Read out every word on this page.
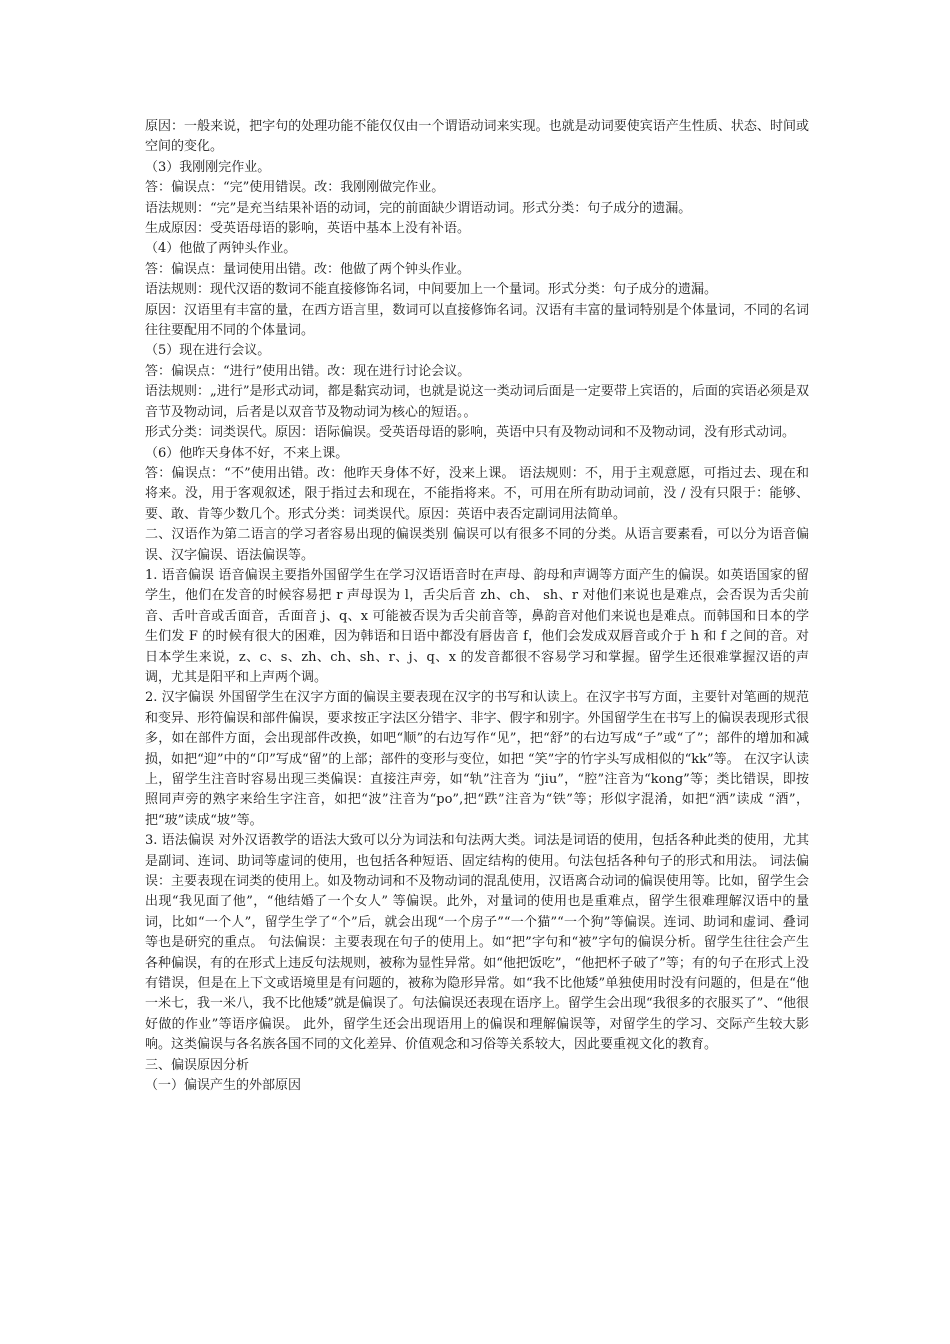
原因：一般来说，把字句的处理功能不能仅仅由一个谓语动词来实现。也就是动词要使宾语产生性质、状态、时间或空间的变化。

（3）我刚刚完作业。

答：偏误点：“完”使用错误。改：我刚刚做完作业。

语法规则：“完”是充当结果补语的动词，完的前面缺少谓语动词。形式分类：句子成分的遗漏。

生成原因：受英语母语的影响，英语中基本上没有补语。

（4）他做了两钟头作业。

答：偏误点：量词使用出错。改：他做了两个钟头作业。

语法规则：现代汉语的数词不能直接修饰名词，中间要加上一个量词。形式分类：句子成分的遗漏。

原因：汉语里有丰富的量，在西方语言里，数词可以直接修饰名词。汉语有丰富的量词特别是个体量词，不同的名词往往要配用不同的个体量词。

（5）现在进行会议。

答：偏误点：“进行”使用出错。改：现在进行讨论会议。

语法规则：„进行”是形式动词，都是黏宾动词，也就是说这一类动词后面是一定要带上宾语的，后面的宾语必须是双音节及物动词，后者是以双音节及物动词为核心的短语。。

形式分类：词类误代。原因：语际偏误。受英语母语的影响，英语中只有及物动词和不及物动词，没有形式动词。

（6）他昨天身体不好，不来上课。

答：偏误点：“不”使用出错。改：他昨天身体不好，没来上课。 语法规则：不，用于主观意愿，可指过去、现在和将来。没，用于客观叙述，限于指过去和现在，不能指将来。不，可用在所有助动词前，没 / 没有只限于：能够、要、敢、肯等少数几个。形式分类：词类误代。原因：英语中表否定副词用法简单。

二、汉语作为第二语言的学习者容易出现的偏误类别 偏误可以有很多不同的分类。从语言要素看，可以分为语音偏误、汉字偏误、语法偏误等。

1. 语音偏误 语音偏误主要指外国留学生在学习汉语语音时在声母、韵母和声调等方面产生的偏误。如英语国家的留学生，他们在发音的时候容易把 r 声母误为 l，舌尖后音 zh、ch、 sh、r 对他们来说也是难点，会否误为舌尖前音、舌叶音或舌面音，舌面音 j、q、x 可能被否误为舌尖前音等，鼻韵音对他们来说也是难点。而韩国和日本的学生们发 F 的时候有很大的困难，因为韩语和日语中都没有唇齿音 f，他们会发成双唇音或介于 h 和 f 之间的音。对日本学生来说，z、c、s、zh、ch、sh、r、j、q、x 的发音都很不容易学习和掌握。留学生还很难掌握汉语的声调，尤其是阳平和上声两个调。

2. 汉字偏误 外国留学生在汉字方面的偏误主要表现在汉字的书写和认读上。在汉字书写方面，主要针对笔画的规范和变异、形符偏误和部件偏误，要求按正字法区分错字、非字、假字和别字。外国留学生在书写上的偏误表现形式很多，如在部件方面，会出现部件改换，如吧“顺”的右边写作“见”，把“舒”的右边写成“子”或“了”；部件的增加和减损，如把“迎”中的“卬”写成“留”的上部；部件的变形与变位，如把 “笑”字的竹字头写成相似的“kk”等。 在汉字认读上，留学生注音时容易出现三类偏误：直接注声旁，如“轨”注音为 “jiu”，“腔”注音为“kong”等；类比错误，即按照同声旁的熟字来给生字注音，如把“波”注音为“po”,把“跌”注音为“铁”等；形似字混淆，如把“洒”读成 “酒”，把“玻”读成“坡”等。

3. 语法偏误 对外汉语教学的语法大致可以分为词法和句法两大类。词法是词语的使用，包括各种此类的使用，尤其是副词、连词、助词等虚词的使用，也包括各种短语、固定结构的使用。句法包括各种句子的形式和用法。 词法偏误：主要表现在词类的使用上。如及物动词和不及物动词的混乱使用，汉语离合动词的偏误使用等。比如，留学生会出现“我见面了他”，“他结婚了一个女人” 等偏误。此外，对量词的使用也是重难点，留学生很难理解汉语中的量词，比如“一个人”，留学生学了“个”后，就会出现“一个房子”“一个猫”“一个狗”等偏误。连词、助词和虚词、叠词等也是研究的重点。 句法偏误：主要表现在句子的使用上。如“把”字句和“被”字句的偏误分析。留学生往往会产生各种偏误，有的在形式上违反句法规则，被称为显性异常。如“他把饭吃”，“他把杯子破了”等；有的句子在形式上没有错误，但是在上下文或语境里是有问题的，被称为隐形异常。如“我不比他矮”单独使用时没有问题的，但是在“他一米七，我一米八，我不比他矮”就是偏误了。句法偏误还表现在语序上。留学生会出现“我很多的衣服买了”、“他很好做的作业”等语序偏误。 此外，留学生还会出现语用上的偏误和理解偏误等，对留学生的学习、交际产生较大影响。这类偏误与各名族各国不同的文化差异、价值观念和习俗等关系较大，因此要重视文化的教育。

三、偏误原因分析

（一）偏误产生的外部原因
